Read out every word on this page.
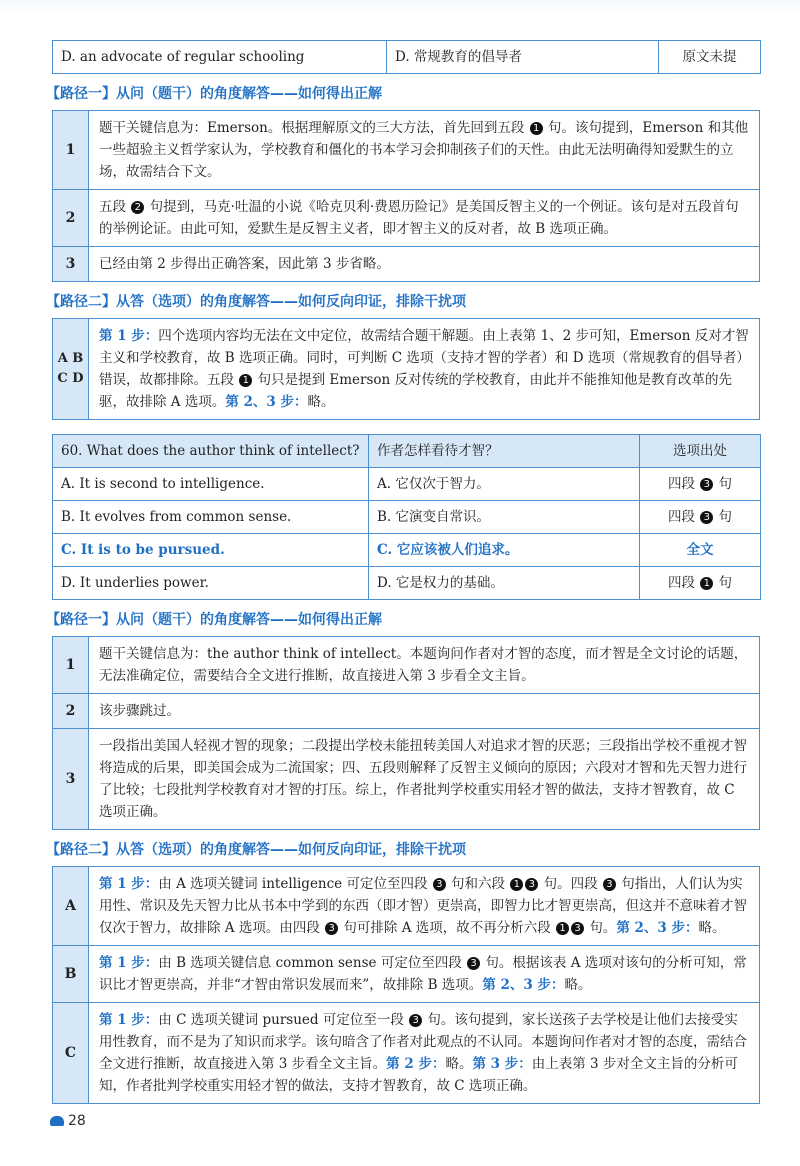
D. an advocate of regular schooling	D. 常规教育的倡导者	原文未提
【路径一】从问（题干）的角度解答——如何得出正解
1	题干关键信息为：Emerson。根据理解原文的三大方法，首先回到五段 1 句。该句提到，Emerson 和其他一些超验主义哲学家认为，学校教育和僵化的书本学习会抑制孩子们的天性。由此无法明确得知爱默生的立场，故需结合下文。
2	五段 2 句提到，马克·吐温的小说《哈克贝利·费恩历险记》是美国反智主义的一个例证。该句是对五段首句的举例论证。由此可知，爱默生是反智主义者，即才智主义的反对者，故 B 选项正确。
3	已经由第 2 步得出正确答案，因此第 3 步省略。
【路径二】从答（选项）的角度解答——如何反向印证，排除干扰项
A B C D	第 1 步：四个选项内容均无法在文中定位，故需结合题干解题。由上表第 1、2 步可知，Emerson 反对才智主义和学校教育，故 B 选项正确。同时，可判断 C 选项（支持才智的学者）和 D 选项（常规教育的倡导者）错误，故都排除。五段 1 句只是提到 Emerson 反对传统的学校教育，由此并不能推知他是教育改革的先驱，故排除 A 选项。第 2、3 步：略。
60. What does the author think of intellect?	作者怎样看待才智？	选项出处
A. It is second to intelligence.	A. 它仅次于智力。	四段 3 句
B. It evolves from common sense.	B. 它演变自常识。	四段 3 句
C. It is to be pursued.	C. 它应该被人们追求。	全文
D. It underlies power.	D. 它是权力的基础。	四段 1 句
【路径一】从问（题干）的角度解答——如何得出正解
1	题干关键信息为：the author think of intellect。本题询问作者对才智的态度，而才智是全文讨论的话题，无法准确定位，需要结合全文进行推断，故直接进入第 3 步看全文主旨。
2	该步骤跳过。
3	一段指出美国人轻视才智的现象；二段提出学校未能扭转美国人对追求才智的厌恶；三段指出学校不重视才智将造成的后果，即美国会成为二流国家；四、五段则解释了反智主义倾向的原因；六段对才智和先天智力进行了比较；七段批判学校教育对才智的打压。综上，作者批判学校重实用轻才智的做法，支持才智教育，故 C 选项正确。
【路径二】从答（选项）的角度解答——如何反向印证，排除干扰项
A	第 1 步：由 A 选项关键词 intelligence 可定位至四段 3 句和六段 1 3 句。四段 3 句指出，人们认为实用性、常识及先天智力比从书本中学到的东西（即才智）更崇高，即智力比才智更崇高，但这并不意味着才智仅次于智力，故排除 A 选项。由四段 3 句可排除 A 选项，故不再分析六段 1 3 句。第 2、3 步：略。
B	第 1 步：由 B 选项关键信息 common sense 可定位至四段 3 句。根据该表 A 选项对该句的分析可知，常识比才智更崇高，并非“才智由常识发展而来”，故排除 B 选项。第 2、3 步：略。
C	第 1 步：由 C 选项关键词 pursued 可定位至一段 3 句。该句提到，家长送孩子去学校是让他们去接受实用性教育，而不是为了知识而求学。该句暗含了作者对此观点的不认同。本题询问作者对才智的态度，需结合全文进行推断，故直接进入第 3 步看全文主旨。第 2 步：略。第 3 步：由上表第 3 步对全文主旨的分析可知，作者批判学校重实用轻才智的做法，支持才智教育，故 C 选项正确。
28
